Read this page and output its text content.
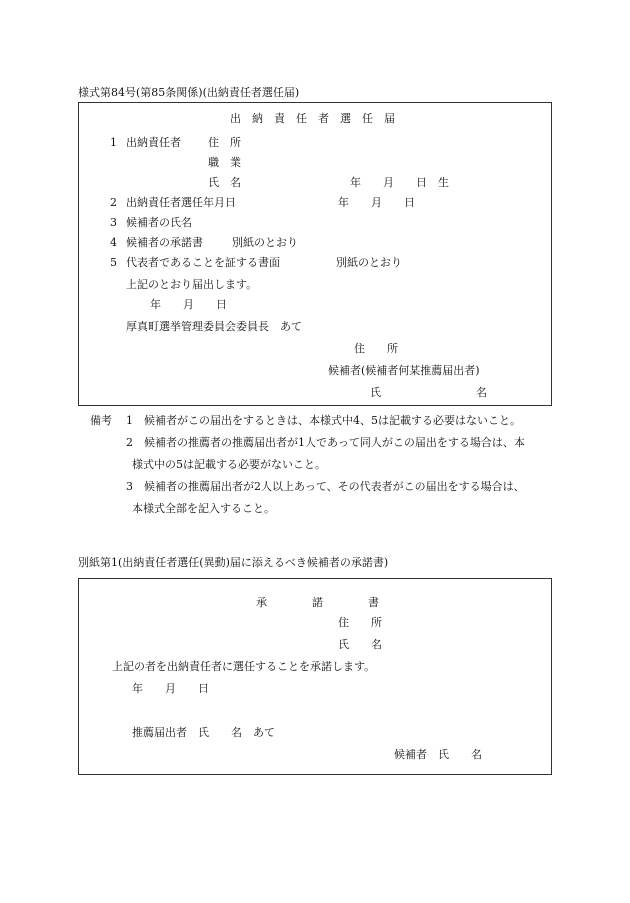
様式第84号(第85条関係)(出納責任者選任届)
出　納　責　任　者　選　任　届
1 出納責任者 住　所
職　業
氏　名	年　　月　　日　生
2 出納責任者選任年月日	年　　月　　日
3 候補者の氏名
4 候補者の承諾書	別紙のとおり
5 代表者であることを証する書面	別紙のとおり
上記のとおり届出します。
年　　月　　日
厚真町選挙管理委員会委員長　あて
住　　所
候補者(候補者何某推薦届出者)
氏	名
備考 1 候補者がこの届出をするときは、本様式中4、5は記載する必要はないこと。
2 候補者の推薦者の推薦届出者が1人であって同人がこの届出をする場合は、本
様式中の5は記載する必要がないこと。
3 候補者の推薦届出者が2人以上あって、その代表者がこの届出をする場合は、
本様式全部を記入すること。
別紙第1(出納責任者選任(異動)届に添えるべき候補者の承諾書)
承	諾	書
住　　所
氏　　名
上記の者を出納責任者に選任することを承諾します。
年　　月　　日
推薦届出者　氏　　名　あて
候補者　氏　　名
